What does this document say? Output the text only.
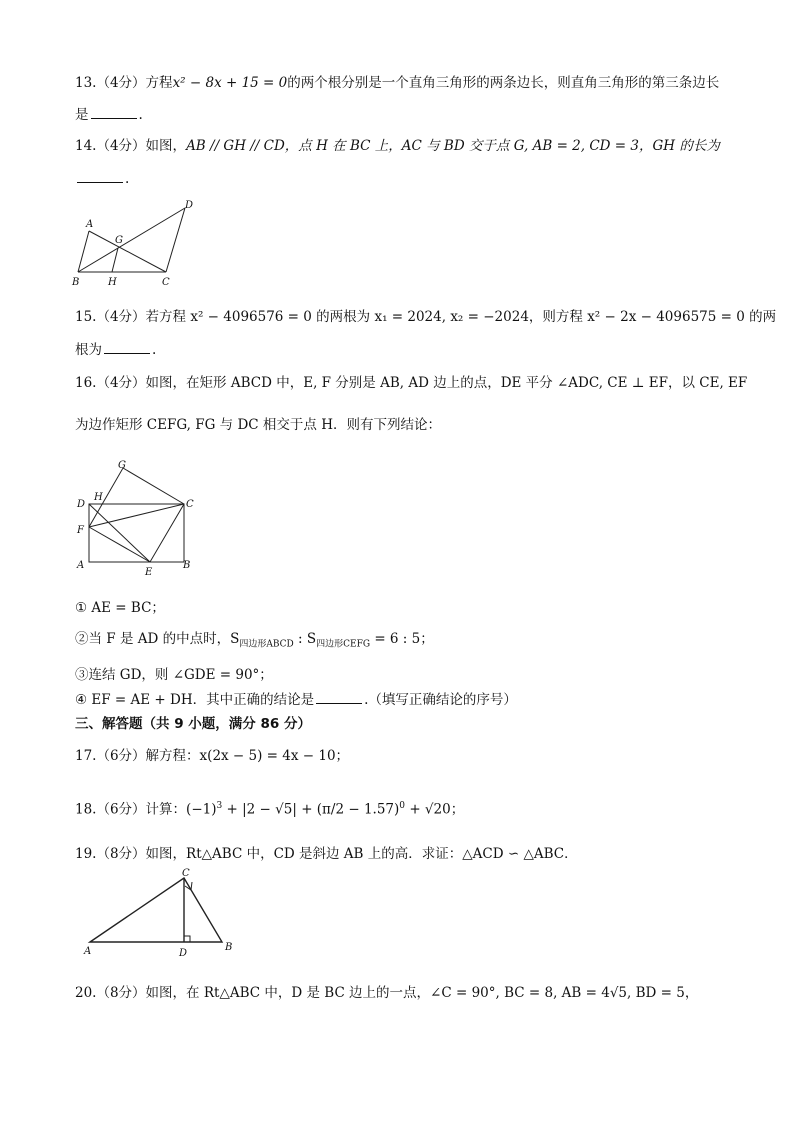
13.（4分）方程x² − 8x + 15 = 0的两个根分别是一个直角三角形的两条边长，则直角三角形的第三条边长
是	.
14.（4分）如图，AB // GH // CD，点 H 在 BC 上，AC 与 BD 交于点 G, AB = 2, CD = 3，GH 的长为
.
A
D
G
B	H	C
15.（4分）若方程 x² − 4096576 = 0 的两根为 x₁ = 2024, x₂ = −2024，则方程 x² − 2x − 4096575 = 0 的两
根为	.
16.（4分）如图，在矩形 ABCD 中，E, F 分别是 AB, AD 边上的点，DE 平分 ∠ADC, CE ⊥ EF，以 CE, EF
为边作矩形 CEFG, FG 与 DC 相交于点 H．则有下列结论：
G
D
H
C
F
A
E
B
① AE = BC；
②当 F 是 AD 的中点时，$S_{四边形ABCD}$ : $S_{四边形CEFG} = 6$ : 5；
③连结 GD，则 ∠GDE = 90°；
④ EF = AE + DH．其中正确的结论是	.（填写正确结论的序号）
三、解答题（共 9 小题，满分 86 分）
17.（6分）解方程：x(2x − 5) = 4x − 10；
18.（6分）计算：$(-1)^3 + |2 - √5| + (\pi/2 - 1.57)^0 + √20$；
19.（8分）如图，Rt△ABC 中，CD 是斜边 AB 上的高．求证：△ACD ∽ △ABC．
C
A	D
B
20.（8分）如图，在 Rt△ABC 中，D 是 BC 边上的一点，∠C = 90°, BC = 8, AB = 4√5, BD = 5，
